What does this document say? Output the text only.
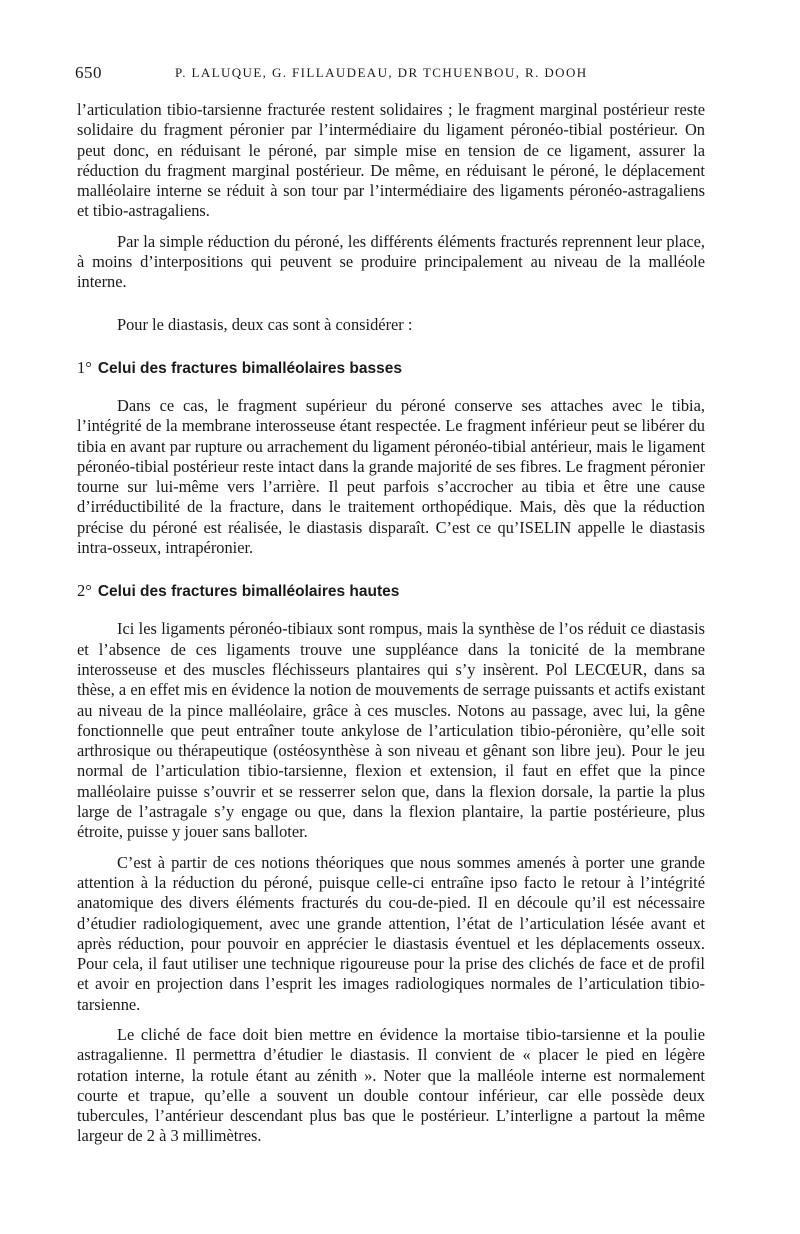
650	P. LALUQUE, G. FILLAUDEAU, DR TCHUENBOU, R. DOOH

l’articulation tibio-tarsienne fracturée restent solidaires ; le fragment marginal postérieur reste solidaire du fragment péronier par l’intermédiaire du ligament péronéo-tibial postérieur. On peut donc, en réduisant le péroné, par simple mise en tension de ce ligament, assurer la réduction du fragment marginal postérieur. De même, en réduisant le péroné, le déplacement malléolaire interne se réduit à son tour par l’intermédiaire des ligaments péronéo-astragaliens et tibio-astragaliens.

Par la simple réduction du péroné, les différents éléments fracturés reprennent leur place, à moins d’interpositions qui peuvent se produire principalement au niveau de la malléole interne.

Pour le diastasis, deux cas sont à considérer :

1° Celui des fractures bimalléolaires basses

Dans ce cas, le fragment supérieur du péroné conserve ses attaches avec le tibia, l’intégrité de la membrane interosseuse étant respectée. Le fragment inférieur peut se libérer du tibia en avant par rupture ou arrachement du ligament péronéo-tibial antérieur, mais le ligament péronéo-tibial postérieur reste intact dans la grande majorité de ses fibres. Le fragment péronier tourne sur lui-même vers l’arrière. Il peut parfois s’accrocher au tibia et être une cause d’irréductibilité de la fracture, dans le traitement orthopédique. Mais, dès que la réduction précise du péroné est réalisée, le diastasis disparaît. C’est ce qu’ISELIN appelle le diastasis intra-osseux, intrapéronier.

2° Celui des fractures bimalléolaires hautes

Ici les ligaments péronéo-tibiaux sont rompus, mais la synthèse de l’os réduit ce diastasis et l’absence de ces ligaments trouve une suppléance dans la tonicité de la membrane interosseuse et des muscles fléchisseurs plantaires qui s’y insèrent. Pol LECŒUR, dans sa thèse, a en effet mis en évidence la notion de mouvements de serrage puissants et actifs existant au niveau de la pince malléolaire, grâce à ces muscles. Notons au passage, avec lui, la gêne fonctionnelle que peut entraîner toute ankylose de l’articulation tibio-péronière, qu’elle soit arthrosique ou thérapeutique (ostéosynthèse à son niveau et gênant son libre jeu). Pour le jeu normal de l’articulation tibio-tarsienne, flexion et extension, il faut en effet que la pince malléolaire puisse s’ouvrir et se resserrer selon que, dans la flexion dorsale, la partie la plus large de l’astragale s’y engage ou que, dans la flexion plantaire, la partie postérieure, plus étroite, puisse y jouer sans balloter.

C’est à partir de ces notions théoriques que nous sommes amenés à porter une grande attention à la réduction du péroné, puisque celle-ci entraîne ipso facto le retour à l’intégrité anatomique des divers éléments fracturés du cou-de-pied. Il en découle qu’il est nécessaire d’étudier radiologiquement, avec une grande attention, l’état de l’articulation lésée avant et après réduction, pour pouvoir en apprécier le diastasis éventuel et les déplacements osseux. Pour cela, il faut utiliser une technique rigoureuse pour la prise des clichés de face et de profil et avoir en projection dans l’esprit les images radiologiques normales de l’articulation tibio-tarsienne.

Le cliché de face doit bien mettre en évidence la mortaise tibio-tarsienne et la poulie astragalienne. Il permettra d’étudier le diastasis. Il convient de « placer le pied en légère rotation interne, la rotule étant au zénith ». Noter que la malléole interne est normalement courte et trapue, qu’elle a souvent un double contour inférieur, car elle possède deux tubercules, l’antérieur descendant plus bas que le postérieur. L’interligne a partout la même largeur de 2 à 3 millimètres.
